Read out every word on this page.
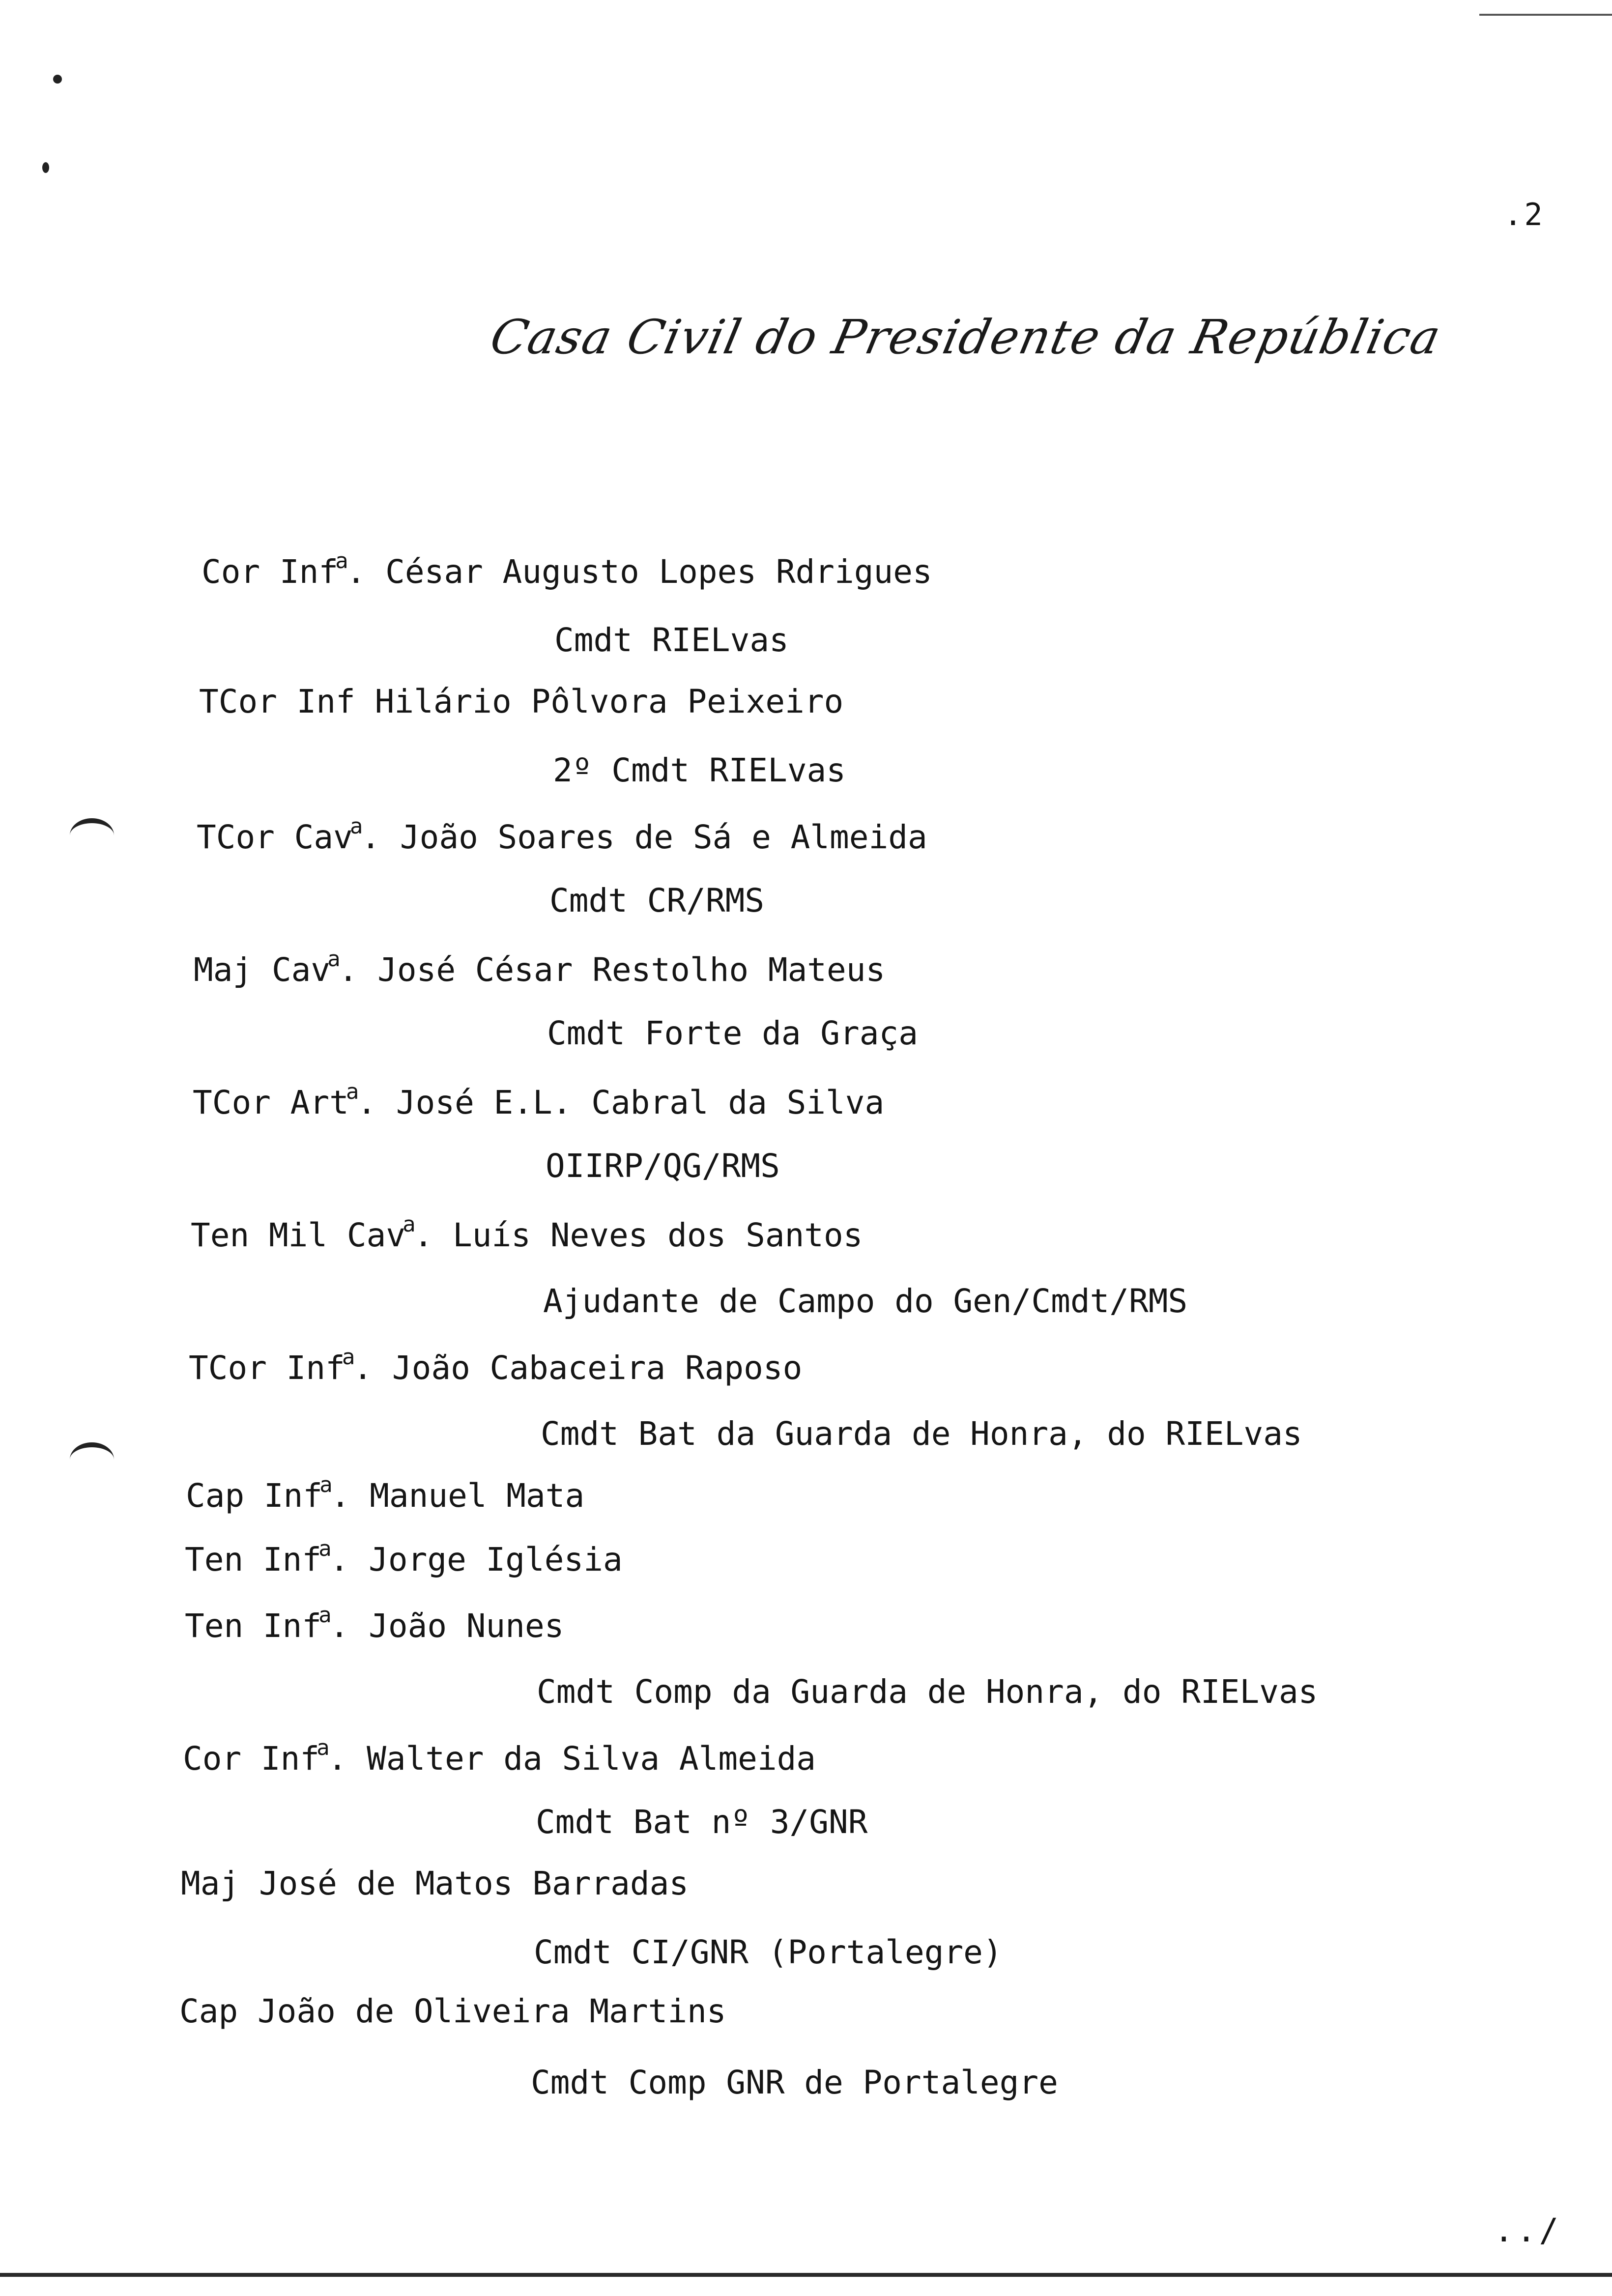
.2
Casa Civil do Presidente da República
Cor Inf$^a$. César Augusto Lopes Rdrigues
Cmdt RIELvas
TCor Inf Hilário Pôlvora Peixeiro
2º Cmdt RIELvas
TCor Cav$^a$. João Soares de Sá e Almeida
Cmdt CR/RMS
Maj Cav$^a$. José César Restolho Mateus
Cmdt Forte da Graça
TCor Art$^a$. José E.L. Cabral da Silva
OIIRP/QG/RMS
Ten Mil Cav$^a$. Luís Neves dos Santos
Ajudante de Campo do Gen/Cmdt/RMS
TCor Inf$^a$. João Cabaceira Raposo
Cmdt Bat da Guarda de Honra, do RIELvas
Cap Inf$^a$. Manuel Mata
Ten Inf$^a$. Jorge Iglésia
Ten Inf$^a$. João Nunes
Cmdt Comp da Guarda de Honra, do RIELvas
Cor Inf$^a$. Walter da Silva Almeida
Cmdt Bat nº 3/GNR
Maj José de Matos Barradas
Cmdt CI/GNR (Portalegre)
Cap João de Oliveira Martins
Cmdt Comp GNR de Portalegre
../
